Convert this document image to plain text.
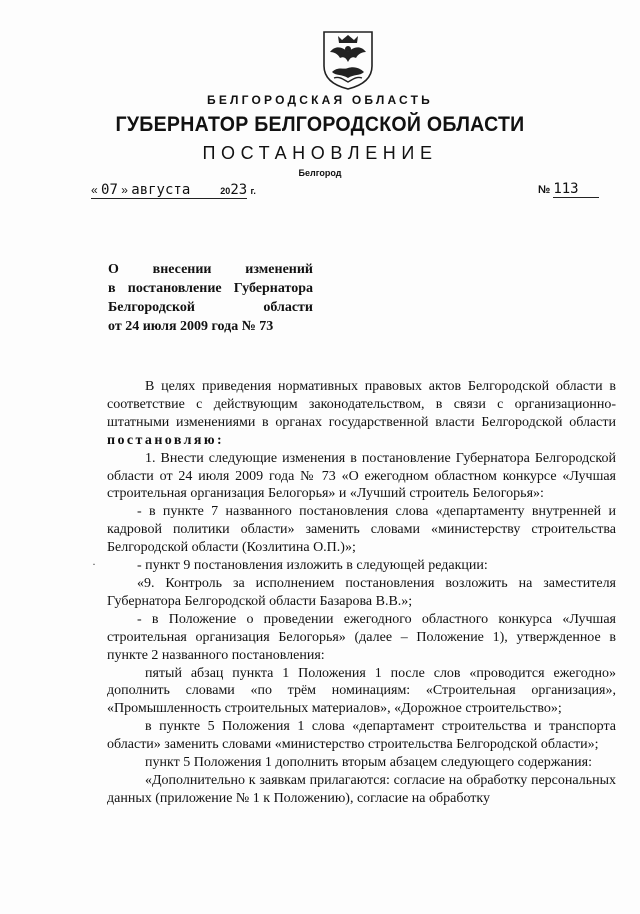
БЕЛГОРОДСКАЯ ОБЛАСТЬ
ГУБЕРНАТОР БЕЛГОРОДСКОЙ ОБЛАСТИ
ПОСТАНОВЛЕНИЕ
Белгород
« 07 » августа	2023 г.	№ 113
О внесении изменений
в постановление Губернатора
Белгородской области
от 24 июля 2009 года № 73
·

В целях приведения нормативных правовых актов Белгородской области в соответствие с действующим законодательством, в связи с организационно-штатными изменениями в органах государственной власти Белгородской области постановляю:

1. Внести следующие изменения в постановление Губернатора Белгородской области от 24 июля 2009 года № 73 «О ежегодном областном конкурсе «Лучшая строительная организация Белогорья» и «Лучший строитель Белогорья»:

- в пункте 7 названного постановления слова «департаменту внутренней и кадровой политики области» заменить словами «министерству строительства Белгородской области (Козлитина О.П.)»;

- пункт 9 постановления изложить в следующей редакции:

«9. Контроль за исполнением постановления возложить на заместителя Губернатора Белгородской области Базарова В.В.»;

- в Положение о проведении ежегодного областного конкурса «Лучшая строительная организация Белогорья» (далее – Положение 1), утвержденное в пункте 2 названного постановления:

пятый абзац пункта 1 Положения 1 после слов «проводится ежегодно» дополнить словами «по трём номинациям: «Строительная организация», «Промышленность строительных материалов», «Дорожное строительство»;

в пункте 5 Положения 1 слова «департамент строительства и транспорта области» заменить словами «министерство строительства Белгородской области»;

пункт 5 Положения 1 дополнить вторым абзацем следующего содержания:

«Дополнительно к заявкам прилагаются: согласие на обработку персональных данных (приложение № 1 к Положению), согласие на обработку
